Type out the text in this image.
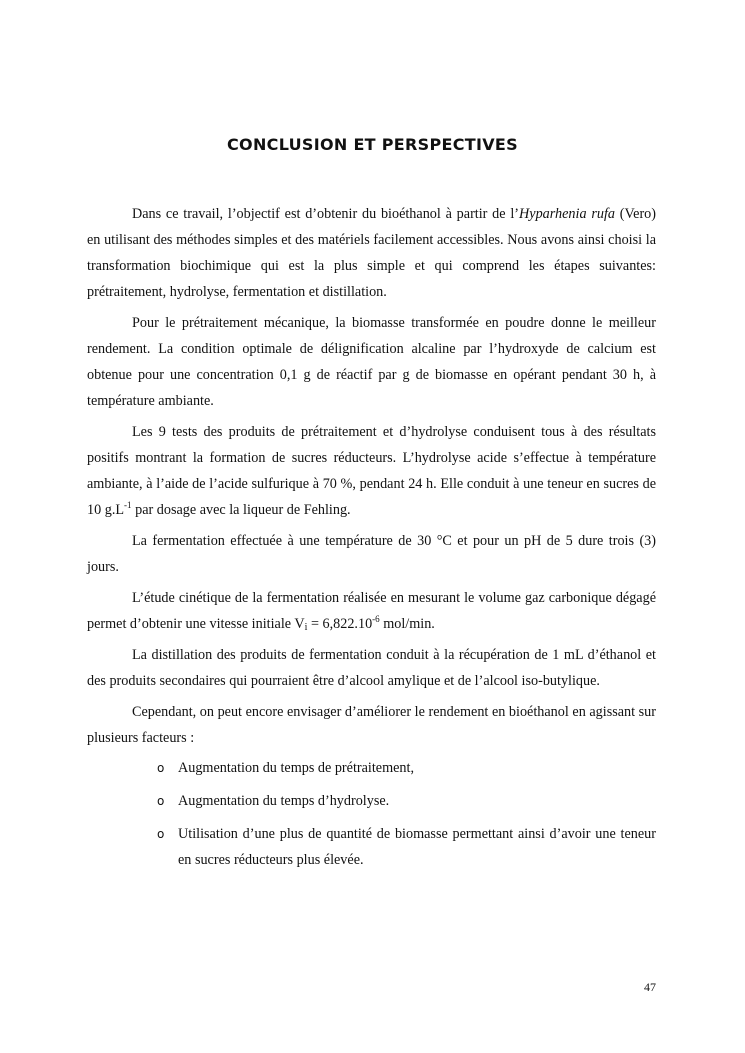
CONCLUSION ET PERSPECTIVES

Dans ce travail, l’objectif est d’obtenir du bioéthanol à partir de l’Hyparhenia rufa (Vero) en utilisant des méthodes simples et des matériels facilement accessibles. Nous avons ainsi choisi la transformation biochimique qui est la plus simple et qui comprend les étapes suivantes: prétraitement, hydrolyse, fermentation et distillation.

Pour le prétraitement mécanique, la biomasse transformée en poudre donne le meilleur rendement. La condition optimale de délignification alcaline par l’hydroxyde de calcium est obtenue pour une concentration 0,1 g de réactif par g de biomasse en opérant pendant 30 h, à température ambiante.

Les 9 tests des produits de prétraitement et d’hydrolyse conduisent tous à des résultats positifs montrant la formation de sucres réducteurs. L’hydrolyse acide s’effectue à température ambiante, à l’aide de l’acide sulfurique à 70 %, pendant 24 h. Elle conduit à une teneur en sucres de 10 $g.L^{-1}$ par dosage avec la liqueur de Fehling.

La fermentation effectuée à une température de 30 °C et pour un pH de 5 dure trois (3) jours.

L’étude cinétique de la fermentation réalisée en mesurant le volume gaz carbonique dégagé permet d’obtenir une vitesse initiale $V_i = 6,822.10^{-6}$ mol/min.

La distillation des produits de fermentation conduit à la récupération de 1 mL d’éthanol et des produits secondaires qui pourraient être d’alcool amylique et de l’alcool iso-butylique.

Cependant, on peut encore envisager d’améliorer le rendement en bioéthanol en agissant sur plusieurs facteurs :

o Augmentation du temps de prétraitement,
o Augmentation du temps d’hydrolyse.
o Utilisation d’une plus de quantité de biomasse permettant ainsi d’avoir une teneur en sucres réducteurs plus élevée.
47
